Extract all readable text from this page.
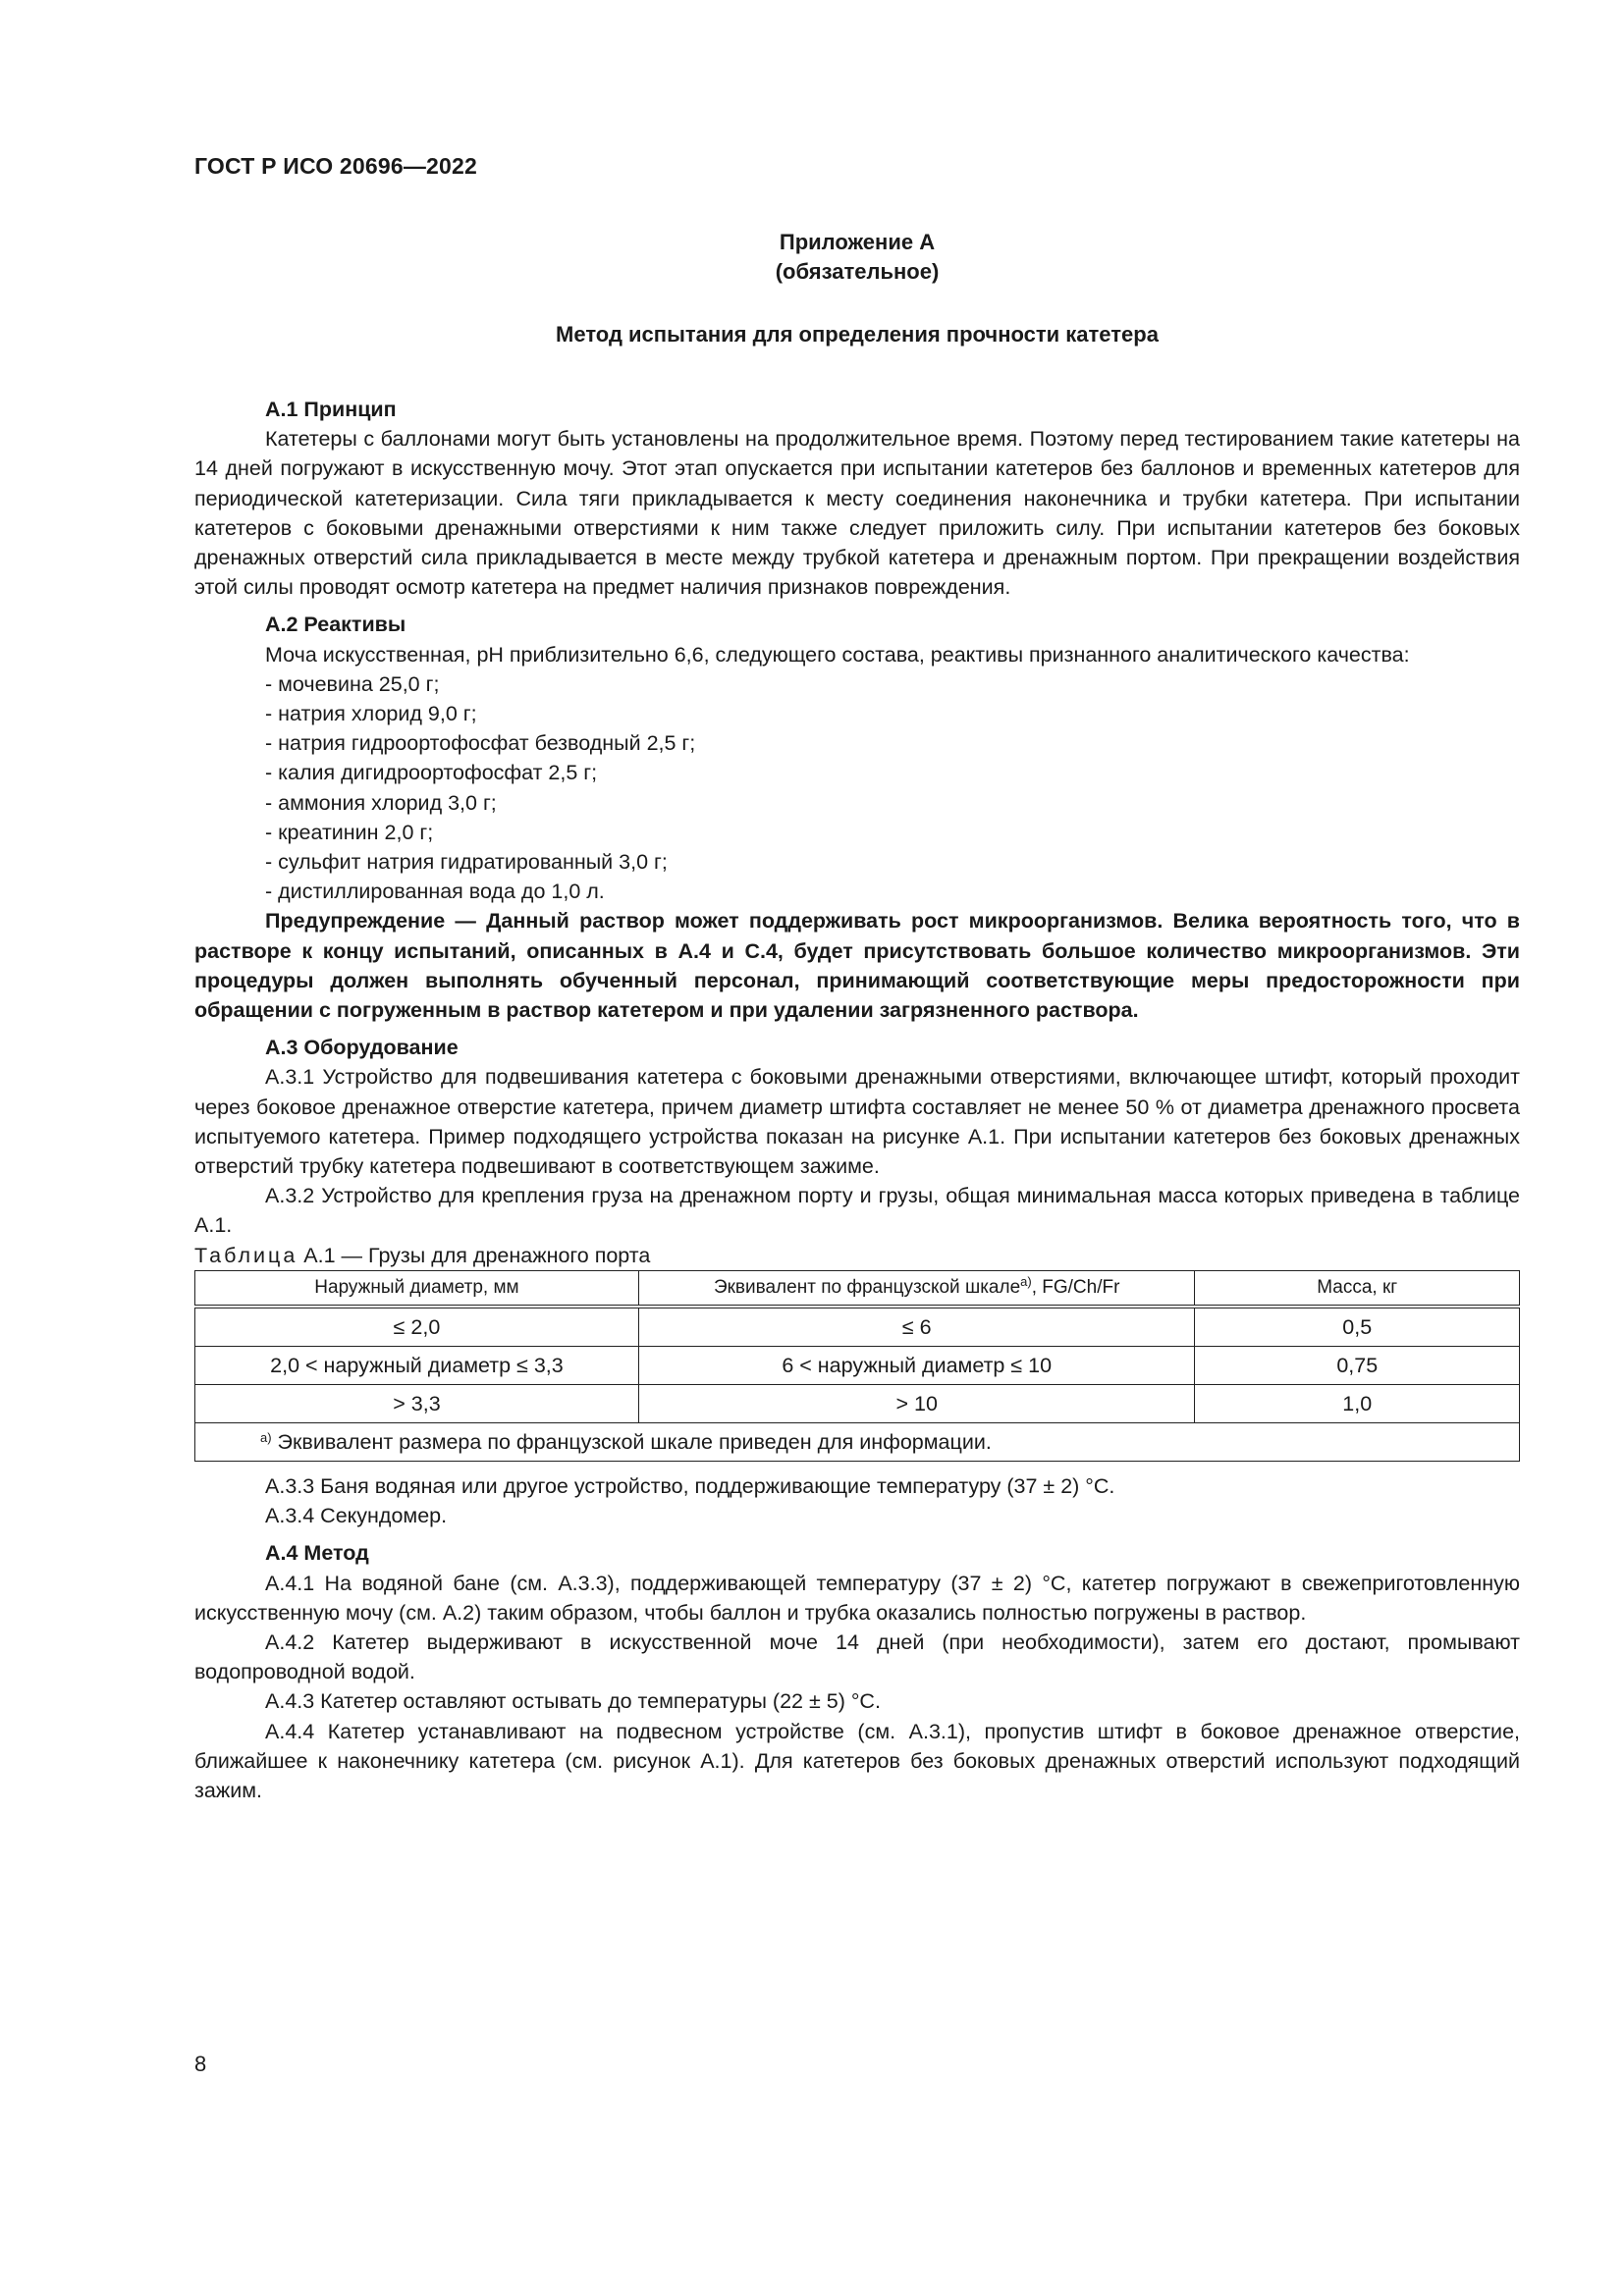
ГОСТ Р ИСО 20696—2022
Приложение А
(обязательное)
Метод испытания для определения прочности катетера

А.1 Принцип

Катетеры с баллонами могут быть установлены на продолжительное время. Поэтому перед тестированием такие катетеры на 14 дней погружают в искусственную мочу. Этот этап опускается при испытании катетеров без баллонов и временных катетеров для периодической катетеризации. Сила тяги прикладывается к месту соединения наконечника и трубки катетера. При испытании катетеров с боковыми дренажными отверстиями к ним также следует приложить силу. При испытании катетеров без боковых дренажных отверстий сила прикладывается в месте между трубкой катетера и дренажным портом. При прекращении воздействия этой силы проводят осмотр катетера на предмет наличия признаков повреждения.

А.2 Реактивы

Моча искусственная, pH приблизительно 6,6, следующего состава, реактивы признанного аналитического качества:

- мочевина 25,0 г;

- натрия хлорид 9,0 г;

- натрия гидроортофосфат безводный 2,5 г;

- калия дигидроортофосфат 2,5 г;

- аммония хлорид 3,0 г;

- креатинин 2,0 г;

- сульфит натрия гидратированный 3,0 г;

- дистиллированная вода до 1,0 л.

Предупреждение — Данный раствор может поддерживать рост микроорганизмов. Велика вероятность того, что в растворе к концу испытаний, описанных в А.4 и С.4, будет присутствовать большое количество микроорганизмов. Эти процедуры должен выполнять обученный персонал, принимающий соответствующие меры предосторожности при обращении с погруженным в раствор катетером и при удалении загрязненного раствора.

А.3 Оборудование

А.3.1 Устройство для подвешивания катетера с боковыми дренажными отверстиями, включающее штифт, который проходит через боковое дренажное отверстие катетера, причем диаметр штифта составляет не менее 50 % от диаметра дренажного просвета испытуемого катетера. Пример подходящего устройства показан на рисунке А.1. При испытании катетеров без боковых дренажных отверстий трубку катетера подвешивают в соответствующем зажиме.

А.3.2 Устройство для крепления груза на дренажном порту и грузы, общая минимальная масса которых приведена в таблице А.1.

Таблица А.1 — Грузы для дренажного порта

Наружный диаметр, мм	Эквивалент по французской шкале$^{а)}$, FG/Ch/Fr	Масса, кг
≤ 2,0	≤ 6	0,5
2,0 < наружный диаметр ≤ 3,3	6 < наружный диаметр ≤ 10	0,75
> 3,3	> 10	1,0
$^{а)}$ Эквивалент размера по французской шкале приведен для информации.		

А.3.3 Баня водяная или другое устройство, поддерживающие температуру (37 ± 2) °С.

А.3.4 Секундомер.

А.4 Метод

А.4.1 На водяной бане (см. А.3.3), поддерживающей температуру (37 ± 2) °С, катетер погружают в свежеприготовленную искусственную мочу (см. А.2) таким образом, чтобы баллон и трубка оказались полностью погружены в раствор.

А.4.2 Катетер выдерживают в искусственной моче 14 дней (при необходимости), затем его достают, промывают водопроводной водой.

А.4.3 Катетер оставляют остывать до температуры (22 ± 5) °С.

А.4.4 Катетер устанавливают на подвесном устройстве (см. А.3.1), пропустив штифт в боковое дренажное отверстие, ближайшее к наконечнику катетера (см. рисунок А.1). Для катетеров без боковых дренажных отверстий используют подходящий зажим.

8
